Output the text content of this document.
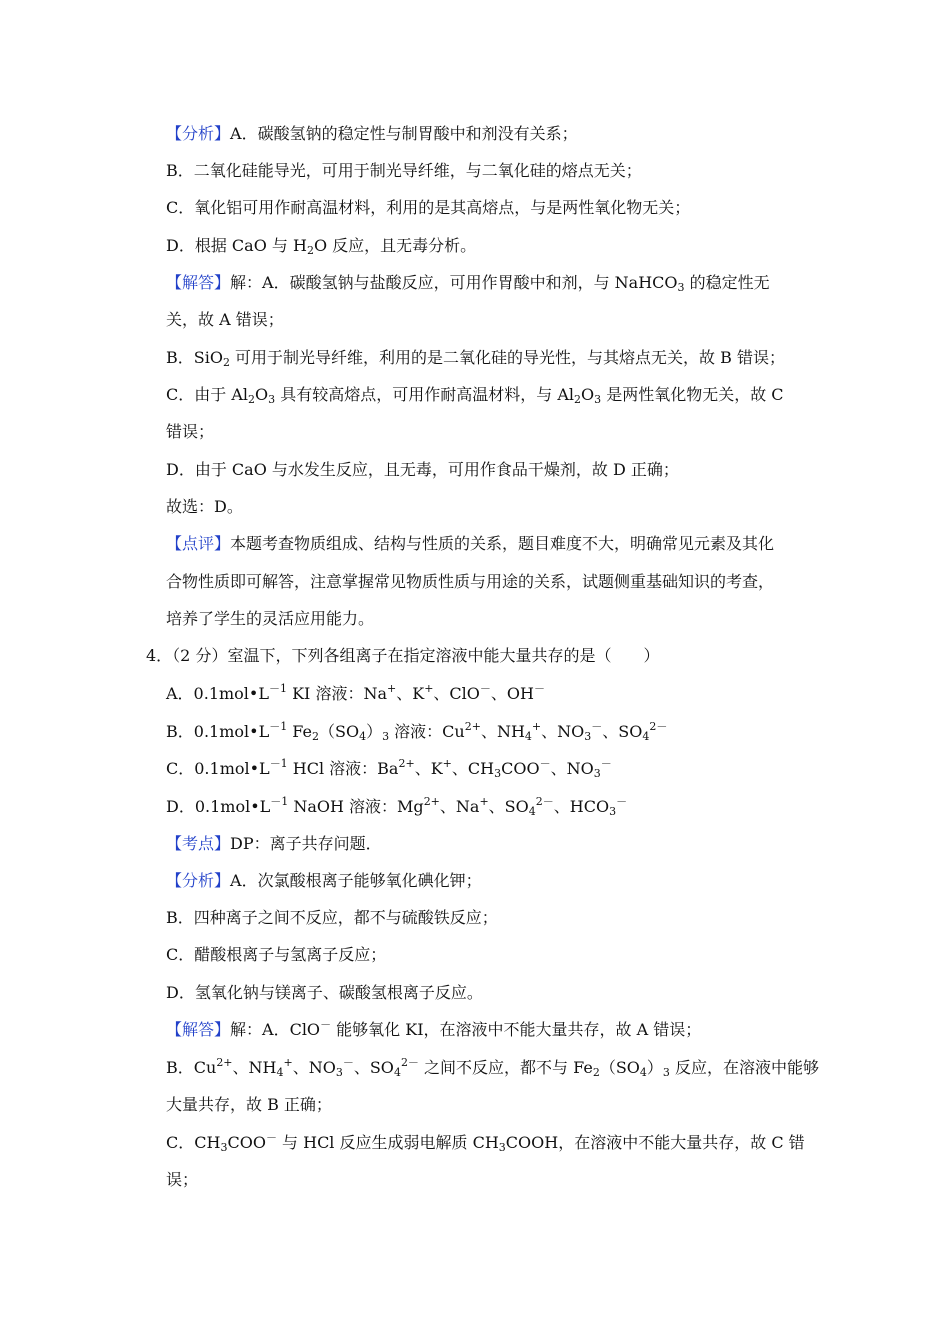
【分析】A．碳酸氢钠的稳定性与制胃酸中和剂没有关系；
B．二氧化硅能导光，可用于制光导纤维，与二氧化硅的熔点无关；
C．氧化铝可用作耐高温材料，利用的是其高熔点，与是两性氧化物无关；
D．根据 CaO 与 $H_2O$ 反应，且无毒分析。
【解答】解：A．碳酸氢钠与盐酸反应，可用作胃酸中和剂，与 NaHCO$_3$ 的稳定性无
关，故 A 错误；
B．SiO$_2$ 可用于制光导纤维，利用的是二氧化硅的导光性，与其熔点无关，故 B 错误；
C．由于 $Al_2O_3$ 具有较高熔点，可用作耐高温材料，与 $Al_2O_3$ 是两性氧化物无关，故 C
错误；
D．由于 CaO 与水发生反应，且无毒，可用作食品干燥剂，故 D 正确；
故选：D。
【点评】本题考查物质组成、结构与性质的关系，题目难度不大，明确常见元素及其化
合物性质即可解答，注意掌握常见物质性质与用途的关系，试题侧重基础知识的考查，
培养了学生的灵活应用能力。
4．（2 分）室温下，下列各组离子在指定溶液中能大量共存的是（　　）
A．$0.1mol•L^{-1}$ KI 溶液：Na+、K+、ClO－、OH－
B．$0.1mol•L^{-1}$ $Fe_2(SO_4)_3$ 溶液：$Cu^{2+}$、$NH_4^+$、$NO_3^-$、$SO_4^{2-}$
C．$0.1mol•L^{-1}$ HCl 溶液：$Ba^{2+}$、K+、$CH_3COO^-$、$NO_3^-$
D．$0.1mol•L^{-1}$ NaOH 溶液：$Mg^{2+}$、Na+、$SO_4^{2-}$、$HCO_3^-$
【考点】DP：离子共存问题．
【分析】A．次氯酸根离子能够氧化碘化钾；
B．四种离子之间不反应，都不与硫酸铁反应；
C．醋酸根离子与氢离子反应；
D．氢氧化钠与镁离子、碳酸氢根离子反应。
【解答】解：A．ClO－ 能够氧化 KI，在溶液中不能大量共存，故 A 错误；
B．$Cu^{2+}$、$NH_4^+$、$NO_3^-$、$SO_4^{2-}$ 之间不反应，都不与 $Fe_2(SO_4)_3$ 反应，在溶液中能够
大量共存，故 B 正确；
C．$CH_3COO^-$ 与 HCl 反应生成弱电解质 $CH_3COOH$，在溶液中不能大量共存，故 C 错
误；
